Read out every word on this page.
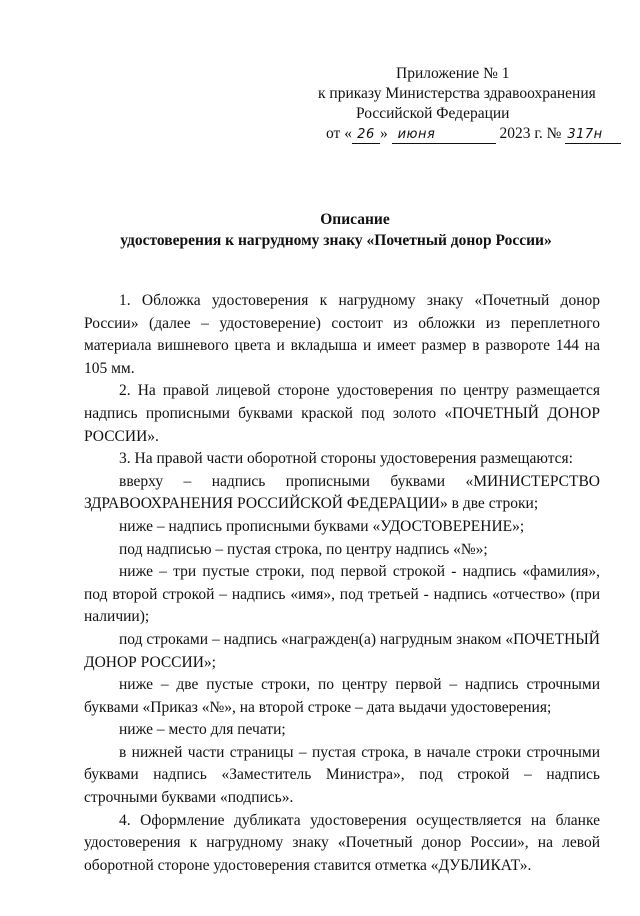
Приложение № 1
к приказу Министерства здравоохранения
Российской Федерации
от « 26 » июня	2023 г. № 317н
Описание
удостоверения к нагрудному знаку «Почетный донор России»

1. Обложка удостоверения к нагрудному знаку «Почетный донор России» (далее – удостоверение) состоит из обложки из переплетного материала вишневого цвета и вкладыша и имеет размер в развороте 144 на 105 мм.

2. На правой лицевой стороне удостоверения по центру размещается надпись прописными буквами краской под золото «ПОЧЕТНЫЙ ДОНОР РОССИИ».

3. На правой части оборотной стороны удостоверения размещаются:

вверху – надпись прописными буквами «МИНИСТЕРСТВО ЗДРАВООХРАНЕНИЯ РОССИЙСКОЙ ФЕДЕРАЦИИ» в две строки;

ниже – надпись прописными буквами «УДОСТОВЕРЕНИЕ»;

под надписью – пустая строка, по центру надпись «№»;

ниже – три пустые строки, под первой строкой - надпись «фамилия», под второй строкой – надпись «имя», под третьей - надпись «отчество» (при наличии);

под строками – надпись «награжден(а) нагрудным знаком «ПОЧЕТНЫЙ ДОНОР РОССИИ»;

ниже – две пустые строки, по центру первой – надпись строчными буквами «Приказ «№», на второй строке – дата выдачи удостоверения;

ниже – место для печати;

в нижней части страницы – пустая строка, в начале строки строчными буквами надпись «Заместитель Министра», под строкой – надпись строчными буквами «подпись».

4. Оформление дубликата удостоверения осуществляется на бланке удостоверения к нагрудному знаку «Почетный донор России», на левой оборотной стороне удостоверения ставится отметка «ДУБЛИКАТ».
